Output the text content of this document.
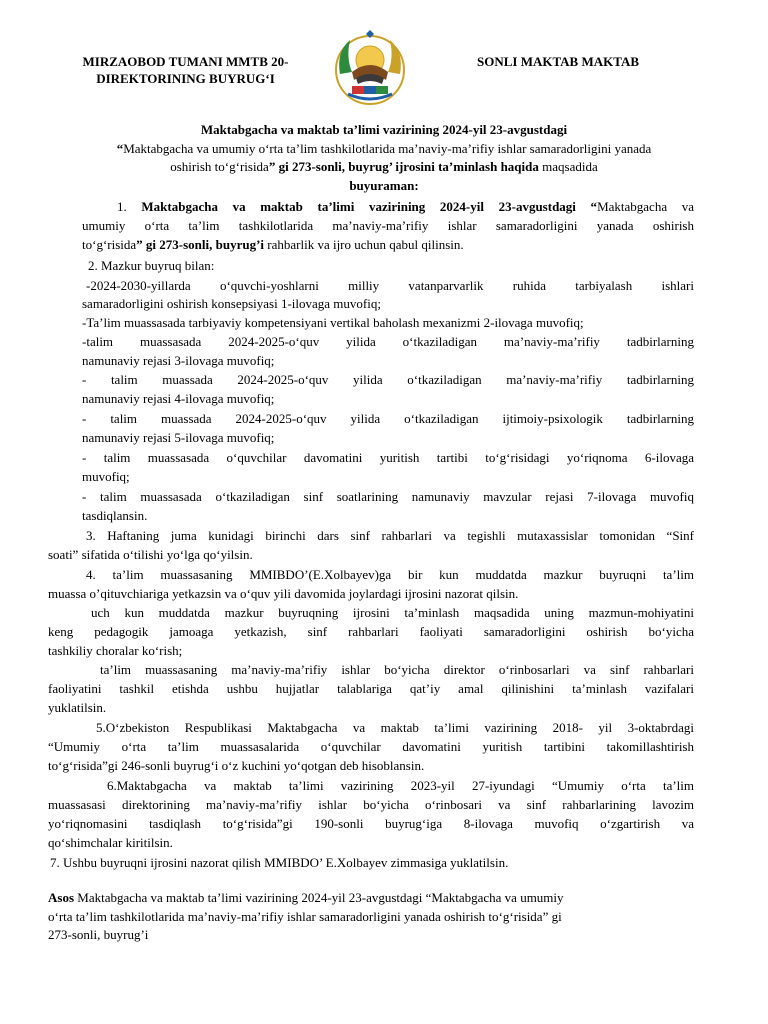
MIRZAOBOD TUMANI MMTB 20-
DIREKTORINING BUYRUG‘I
SONLI MAKTAB MAKTAB
Maktabgacha va maktab ta’limi vazirining 2024-yil 23-avgustdagi
“Maktabgacha va umumiy o‘rta ta’lim tashkilotlarida ma’naviy-ma’rifiy ishlar samaradorligini yanada
oshirish to‘g‘risida” gi 273-sonli, buyrug’ ijrosini ta’minlash haqida maqsadida
buyuraman:
1. Maktabgacha va maktab ta’limi vazirining 2024-yil 23-avgustdagi “Maktabgacha va
umumiy o‘rta ta’lim tashkilotlarida ma’naviy-ma’rifiy ishlar samaradorligini yanada oshirish
to‘g‘risida” gi 273-sonli, buyrug’i rahbarlik va ijro uchun qabul qilinsin.
2. Mazkur buyruq bilan:
-2024-2030-yillarda o‘quvchi-yoshlarni milliy vatanparvarlik ruhida tarbiyalash ishlari
samaradorligini oshirish konsepsiyasi 1-ilovaga muvofiq;
-Ta’lim muassasada tarbiyaviy kompetensiyani vertikal baholash mexanizmi 2-ilovaga muvofiq;
-talim muassasada 2024-2025-o‘quv yilida o‘tkaziladigan ma’naviy-ma’rifiy tadbirlarning
namunaviy rejasi 3-ilovaga muvofiq;
- talim muassada 2024-2025-o‘quv yilida o‘tkaziladigan ma’naviy-ma’rifiy tadbirlarning
namunaviy rejasi 4-ilovaga muvofiq;
- talim muassada 2024-2025-o‘quv yilida o‘tkaziladigan ijtimoiy-psixologik tadbirlarning
namunaviy rejasi 5-ilovaga muvofiq;
- talim muassasada o‘quvchilar davomatini yuritish tartibi to‘g‘risidagi yo‘riqnoma 6-ilovaga
muvofiq;
- talim muassasada o‘tkaziladigan sinf soatlarining namunaviy mavzular rejasi 7-ilovaga muvofiq
tasdiqlansin.
3. Haftaning juma kunidagi birinchi dars sinf rahbarlari va tegishli mutaxassislar tomonidan “Sinf
soati” sifatida o‘tilishi yo‘lga qo‘yilsin.
4. ta’lim muassasaning MMIBDO’(E.Xolbayev)ga bir kun muddatda mazkur buyruqni ta’lim
muassa o’qituvchiariga yetkazsin va o‘quv yili davomida joylardagi ijrosini nazorat qilsin.
uch kun muddatda mazkur buyruqning ijrosini ta’minlash maqsadida uning mazmun-mohiyatini
keng pedagogik jamoaga yetkazish, sinf rahbarlari faoliyati samaradorligini oshirish bo‘yicha
tashkiliy choralar ko‘rish;
ta’lim muassasaning ma’naviy-ma’rifiy ishlar bo‘yicha direktor o‘rinbosarlari va sinf rahbarlari
faoliyatini tashkil etishda ushbu hujjatlar talablariga qat’iy amal qilinishini ta’minlash vazifalari
yuklatilsin.
5.O‘zbekiston Respublikasi Maktabgacha va maktab ta’limi vazirining 2018- yil 3-oktabrdagi
“Umumiy o‘rta ta’lim muassasalarida o‘quvchilar davomatini yuritish tartibini takomillashtirish
to‘g‘risida”gi 246-sonli buyrug‘i o‘z kuchini yo‘qotgan deb hisoblansin.
6.Maktabgacha va maktab ta’limi vazirining 2023-yil 27-iyundagi “Umumiy o‘rta ta’lim
muassasasi direktorining ma’naviy-ma’rifiy ishlar bo‘yicha o‘rinbosari va sinf rahbarlarining lavozim
yo‘riqnomasini tasdiqlash to‘g‘risida”gi 190-sonli buyrug‘iga 8-ilovaga muvofiq o‘zgartirish va
qo‘shimchalar kiritilsin.
7. Ushbu buyruqni ijrosini nazorat qilish MMIBDO’ E.Xolbayev zimmasiga yuklatilsin.
Asos Maktabgacha va maktab ta’limi vazirining 2024-yil 23-avgustdagi “Maktabgacha va umumiy
o‘rta ta’lim tashkilotlarida ma’naviy-ma’rifiy ishlar samaradorligini yanada oshirish to‘g‘risida” gi
273-sonli, buyrug’i
